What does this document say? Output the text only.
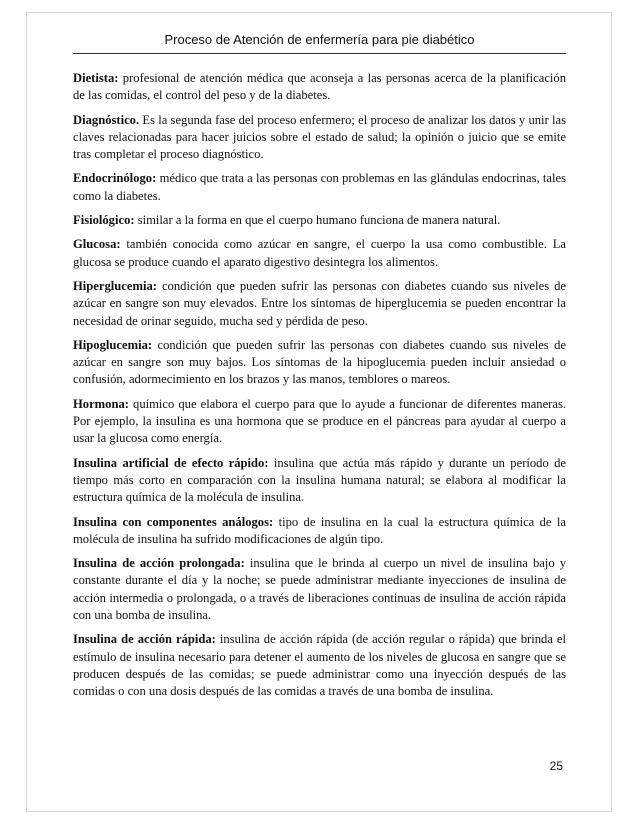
Proceso de Atención de enfermería para pie diabético

Dietista: profesional de atención médica que aconseja a las personas acerca de la planificación de las comidas, el control del peso y de la diabetes.

Diagnóstico. Es la segunda fase del proceso enfermero; el proceso de analizar los datos y unir las claves relacionadas para hacer juicios sobre el estado de salud; la opinión o juicio que se emite tras completar el proceso diagnóstico.

Endocrinólogo: médico que trata a las personas con problemas en las glándulas endocrinas, tales como la diabetes.

Fisiológico: similar a la forma en que el cuerpo humano funciona de manera natural.

Glucosa: también conocida como azúcar en sangre, el cuerpo la usa como combustible. La glucosa se produce cuando el aparato digestivo desintegra los alimentos.

Hiperglucemia: condición que pueden sufrir las personas con diabetes cuando sus niveles de azúcar en sangre son muy elevados. Entre los síntomas de hiperglucemia se pueden encontrar la necesidad de orinar seguido, mucha sed y pérdida de peso.

Hipoglucemia: condición que pueden sufrir las personas con diabetes cuando sus niveles de azúcar en sangre son muy bajos. Los síntomas de la hipoglucemia pueden incluir ansiedad o confusión, adormecimiento en los brazos y las manos, temblores o mareos.

Hormona: químico que elabora el cuerpo para que lo ayude a funcionar de diferentes maneras. Por ejemplo, la insulina es una hormona que se produce en el páncreas para ayudar al cuerpo a usar la glucosa como energía.

Insulina artificial de efecto rápido: insulina que actúa más rápido y durante un período de tiempo más corto en comparación con la insulina humana natural; se elabora al modificar la estructura química de la molécula de insulina.

Insulina con componentes análogos: tipo de insulina en la cual la estructura química de la molécula de insulina ha sufrido modificaciones de algún tipo.

Insulina de acción prolongada: insulina que le brinda al cuerpo un nivel de insulina bajo y constante durante el día y la noche; se puede administrar mediante inyecciones de insulina de acción intermedia o prolongada, o a través de liberaciones continuas de insulina de acción rápida con una bomba de insulina.

Insulina de acción rápida: insulina de acción rápida (de acción regular o rápida) que brinda el estímulo de insulina necesario para detener el aumento de los niveles de glucosa en sangre que se producen después de las comidas; se puede administrar como una inyección después de las comidas o con una dosis después de las comidas a través de una bomba de insulina.

25
